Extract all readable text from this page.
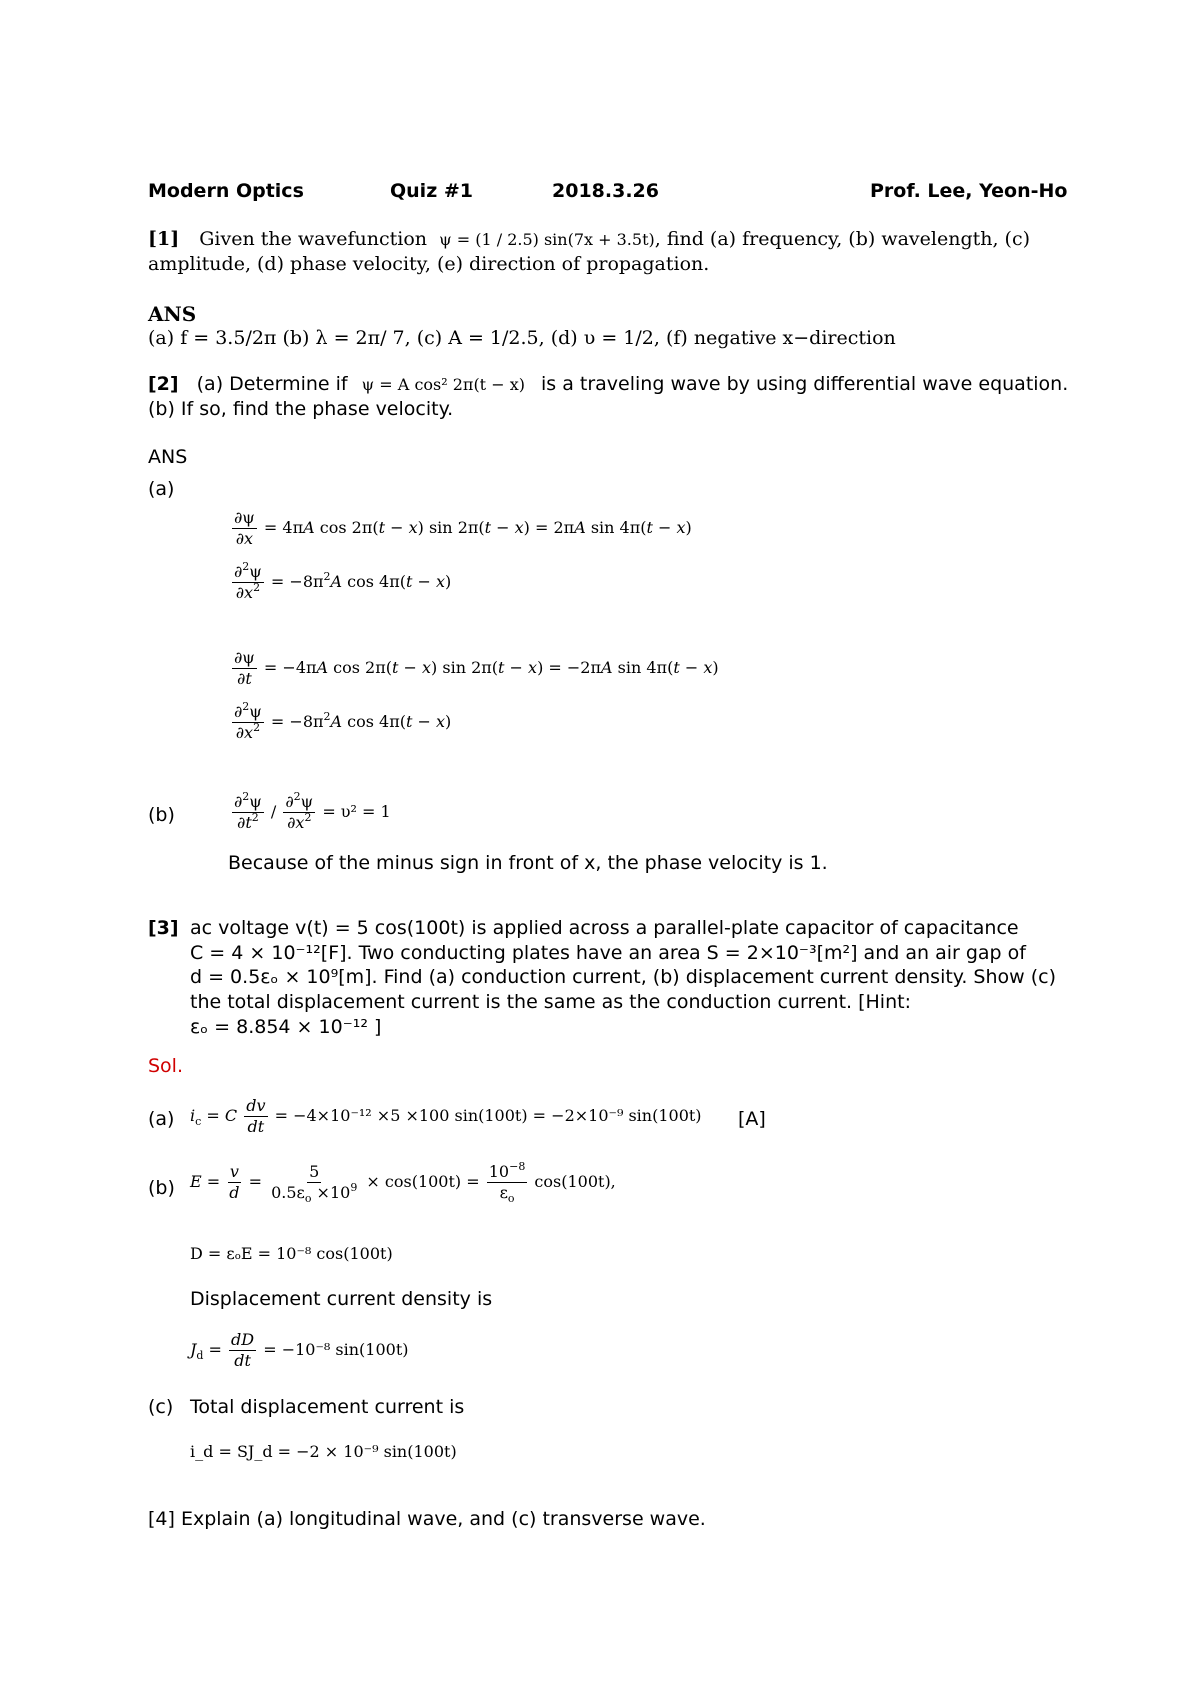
Modern Optics	Quiz #1	2018.3.26	Prof. Lee, Yeon-Ho
[1] Given the wavefunction ψ = (1 / 2.5) sin(7x + 3.5t), find (a) frequency, (b) wavelength, (c)
amplitude, (d) phase velocity, (e) direction of propagation.
ANS
(a) f = 3.5/2π (b) λ = 2π/ 7, (c) A = 1/2.5, (d) υ = 1/2, (f) negative x−direction
[2] (a) Determine if ψ = A cos² 2π(t − x) is a traveling wave by using differential wave equation.
(b) If so, find the phase velocity.
ANS
(a)
$\frac{\partial\psi}{\partial x} = 4\pi A$ cos 2π(t − x) sin 2π(t − x) = 2πA sin 4π(t − x)
$\frac{\partial^2\psi}{\partial x^2} = -8\pi^2A$ cos 4π(t − x)
$\frac{\partial\psi}{\partial t} = -4\pi A$ cos 2π(t − x) sin 2π(t − x) = −2πA sin 4π(t − x)
$\frac{\partial^2\psi}{\partial x^2} = -8\pi^2A$ cos 4π(t − x)
(b)	$\frac{\partial^2\psi}{\partial t^2} / \frac{\partial^2\psi}{\partial x^2} = \upsilon^2 = 1$
Because of the minus sign in front of x, the phase velocity is 1.
[3] ac voltage v(t) = 5 cos(100t) is applied across a parallel-plate capacitor of capacitance
C = 4 × 10⁻¹²[F]. Two conducting plates have an area S = 2×10⁻³[m²] and an air gap of
d = 0.5εₒ × 10⁹[m]. Find (a) conduction current, (b) displacement current density. Show (c)
the total displacement current is the same as the conduction current. [Hint:
εₒ = 8.854 × 10⁻¹² ]
Sol.
(a) $i_c = C \frac{dv}{dt} = -4\times 10^{-12} \times 5 \times 100$ sin(100t) = −2×10⁻⁹ sin(100t) [A]
(b) $E = \frac{v}{d} = \frac{5}{0.5\varepsilon_o \times 10^9} \times \cos(100t) = \frac{10^{-8}}{\varepsilon_o} \cos(100t)$,
D = εₒE = 10⁻⁸ cos(100t)
Displacement current density is
$J_d = \frac{dD}{dt} = -10^{-8}$ sin(100t)
(c) Total displacement current is
i_d = SJ_d = −2 × 10⁻⁹ sin(100t)
[4] Explain (a) longitudinal wave, and (c) transverse wave.
